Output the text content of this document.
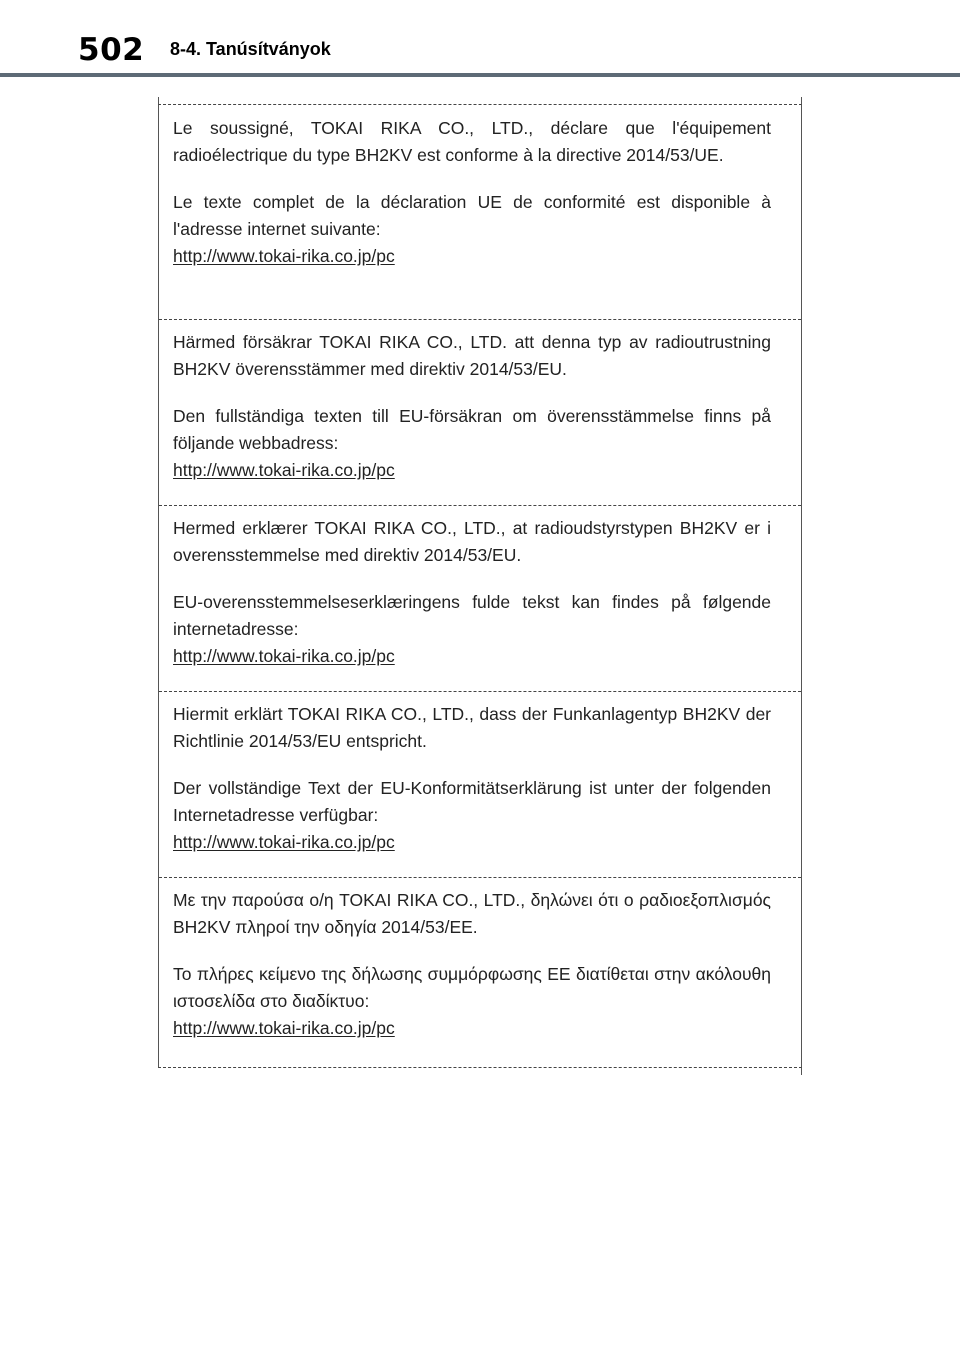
502 8-4. Tanúsítványok

Le soussigné, TOKAI RIKA CO., LTD., déclare que l'équipement radioélectrique du type BH2KV est conforme à la directive 2014/53/UE.

Le texte complet de la déclaration UE de conformité est disponible à l'adresse internet suivante:

http://www.tokai-rika.co.jp/pc

Härmed försäkrar TOKAI RIKA CO., LTD. att denna typ av radioutrustning BH2KV överensstämmer med direktiv 2014/53/EU.

Den fullständiga texten till EU-försäkran om överensstämmelse finns på följande webbadress:

http://www.tokai-rika.co.jp/pc

Hermed erklærer TOKAI RIKA CO., LTD., at radioudstyrstypen BH2KV er i overensstemmelse med direktiv 2014/53/EU.

EU-overensstemmelseserklæringens fulde tekst kan findes på følgende internetadresse:

http://www.tokai-rika.co.jp/pc

Hiermit erklärt TOKAI RIKA CO., LTD., dass der Funkanlagentyp BH2KV der Richtlinie 2014/53/EU entspricht.

Der vollständige Text der EU-Konformitätserklärung ist unter der folgenden Internetadresse verfügbar:

http://www.tokai-rika.co.jp/pc

Με την παρούσα ο/η TOKAI RIKA CO., LTD., δηλώνει ότι ο ραδιοεξοπλισμός BH2KV πληροί την οδηγία 2014/53/ΕΕ.

Το πλήρες κείμενο της δήλωσης συμμόρφωσης ΕΕ διατίθεται στην ακόλουθη ιστοσελίδα στο διαδίκτυο:

http://www.tokai-rika.co.jp/pc
